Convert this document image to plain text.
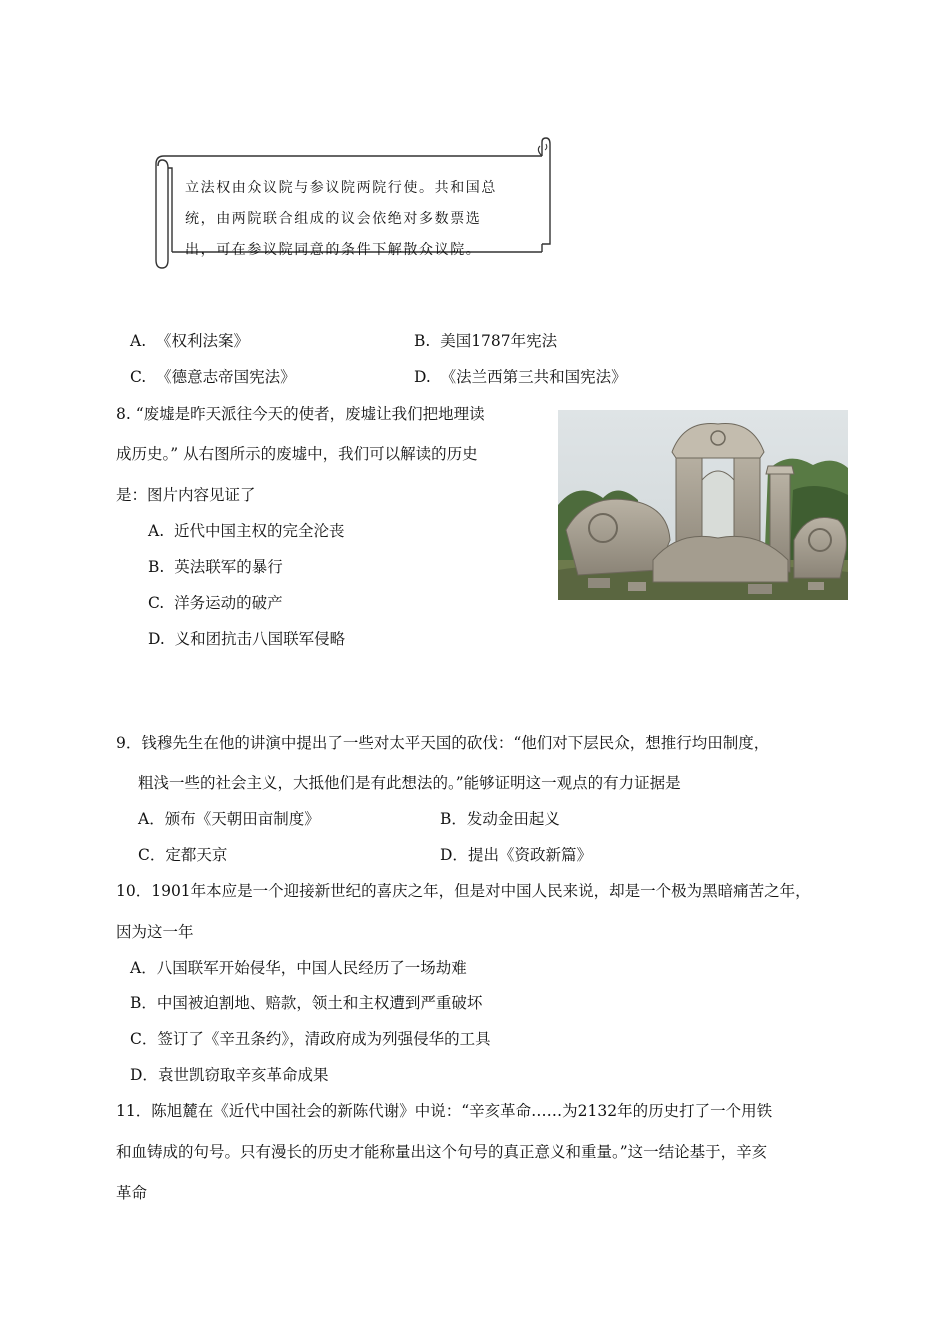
立法权由众议院与参议院两院行使。共和国总
统，由两院联合组成的议会依绝对多数票选
出，可在参议院同意的条件下解散众议院。
A. 《权利法案》	B. 美国1787年宪法
C. 《德意志帝国宪法》	D. 《法兰西第三共和国宪法》
8. “废墟是昨天派往今天的使者，废墟让我们把地理读
成历史。” 从右图所示的废墟中，我们可以解读的历史
是：图片内容见证了
A. 近代中国主权的完全沦丧
B. 英法联军的暴行
C. 洋务运动的破产
D. 义和团抗击八国联军侵略
9．钱穆先生在他的讲演中提出了一些对太平天国的砍伐：“他们对下层民众，想推行均田制度，
粗浅一些的社会主义，大抵他们是有此想法的。”能够证明这一观点的有力证据是
A．颁布《天朝田亩制度》	B．发动金田起义
C．定都天京	D．提出《资政新篇》
10．1901年本应是一个迎接新世纪的喜庆之年，但是对中国人民来说，却是一个极为黑暗痛苦之年，
因为这一年
A．八国联军开始侵华，中国人民经历了一场劫难
B．中国被迫割地、赔款，领土和主权遭到严重破坏
C．签订了《辛丑条约》，清政府成为列强侵华的工具
D．袁世凯窃取辛亥革命成果
11．陈旭麓在《近代中国社会的新陈代谢》中说：“辛亥革命……为2132年的历史打了一个用铁
和血铸成的句号。只有漫长的历史才能称量出这个句号的真正意义和重量。”这一结论基于，辛亥
革命
